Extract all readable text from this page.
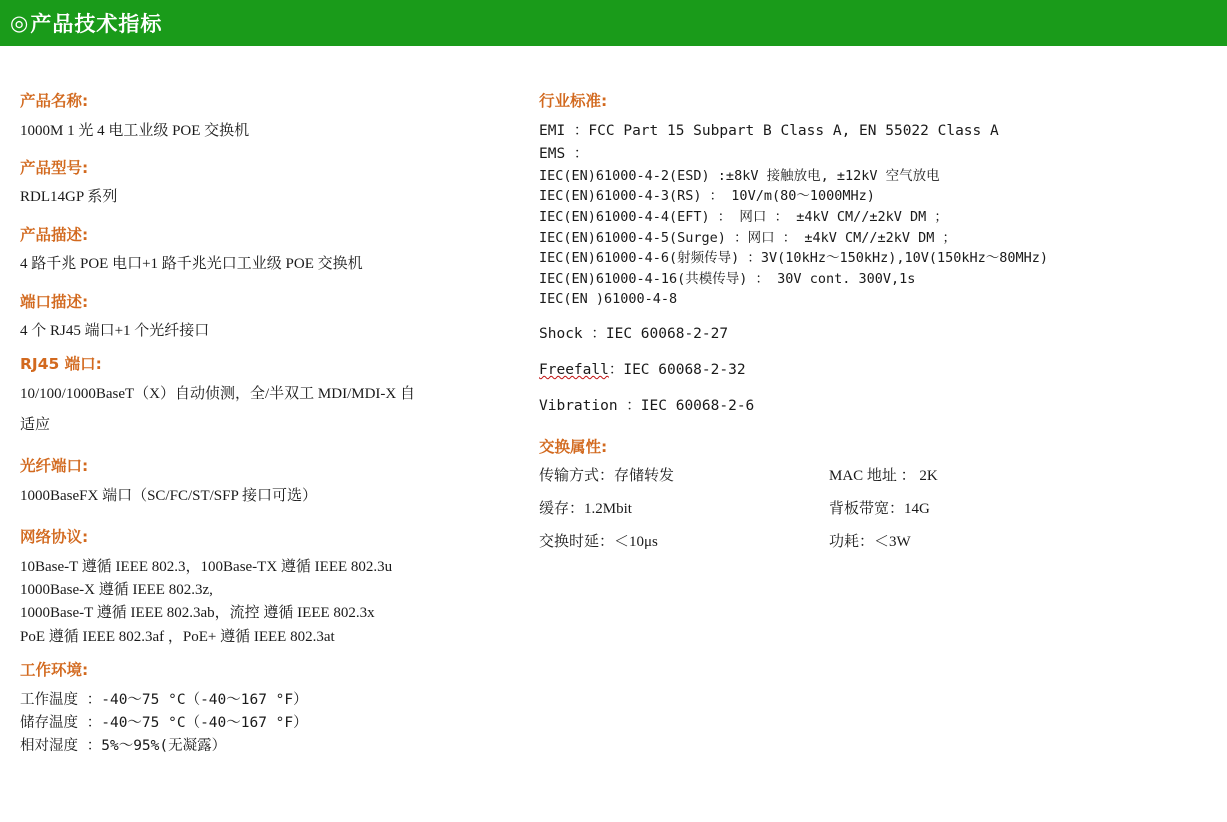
◎ 产品技术指标
产品名称:
1000M 1 光 4 电工业级 POE 交换机
产品型号:
RDL14GP 系列
产品描述:
4 路千兆 POE 电口+1 路千兆光口工业级 POE 交换机
端口描述:
4 个 RJ45 端口+1 个光纤接口
RJ45 端口:
10/100/1000BaseT（X）自动侦测，全/半双工 MDI/MDI-X 自
适应
光纤端口:
1000BaseFX 端口（SC/FC/ST/SFP 接口可选）
网络协议:
10Base-T 遵循 IEEE 802.3，100Base-TX 遵循 IEEE 802.3u
1000Base-X 遵循 IEEE 802.3z,
1000Base-T 遵循 IEEE 802.3ab，流控 遵循 IEEE 802.3x
PoE 遵循 IEEE 802.3af ，PoE+ 遵循 IEEE 802.3at
工作环境:
工作温度 ：-40～75 °C（-40～167 °F）
储存温度 ：-40～75 °C（-40～167 °F）
相对湿度 ：5%～95%(无凝露）
行业标准:
EMI ：FCC Part 15 Subpart B Class A, EN 55022 Class A
EMS ：
IEC(EN)61000-4-2(ESD) :±8kV 接触放电, ±12kV 空气放电
IEC(EN)61000-4-3(RS) ： 10V/m(80～1000MHz)
IEC(EN)61000-4-4(EFT) ： 网口 ： ±4kV CM//±2kV DM ；
IEC(EN)61000-4-5(Surge) ：网口 ： ±4kV CM//±2kV DM ；
IEC(EN)61000-4-6(射频传导) ：3V(10kHz～150kHz),10V(150kHz～80MHz)
IEC(EN)61000-4-16(共模传导) ： 30V cont. 300V,1s
IEC(EN )61000-4-8
Shock ：IEC 60068-2-27
Freefall：IEC 60068-2-32
Vibration ：IEC 60068-2-6
交换属性:
传输方式：存储转发	MAC 地址 ： 2K
缓存：1.2Mbit	背板带宽：14G
交换时延：＜10μs	功耗：＜3W
